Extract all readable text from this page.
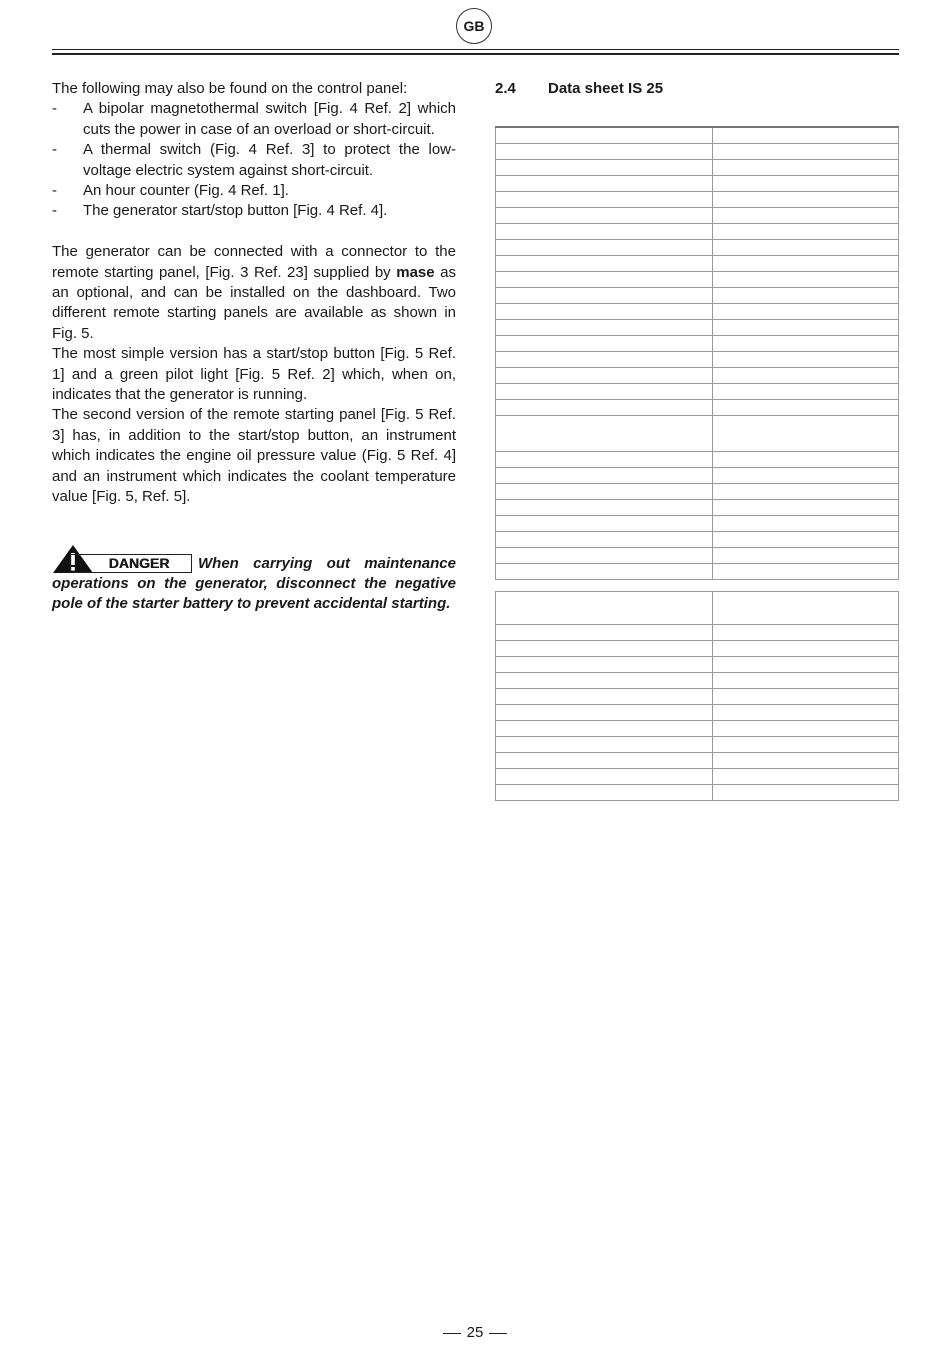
GB

The following may also be found on the control panel:

- A bipolar magnetothermal switch [Fig. 4 Ref. 2] which cuts the power in case of an overload or short-circuit.
- A thermal switch (Fig. 4 Ref. 3] to protect the low-voltage electric system against short-circuit.
- An hour counter (Fig. 4 Ref. 1].
- The generator start/stop button [Fig. 4 Ref. 4].

The generator can be connected with a connector to the remote starting panel, [Fig. 3 Ref. 23] supplied by mase as an optional, and can be installed on the dashboard. Two different remote starting panels are available as shown in Fig. 5.

The most simple version has a start/stop button [Fig. 5 Ref. 1] and a green pilot light [Fig. 5 Ref. 2] which, when on, indicates that the generator is running.

The second version of the remote starting panel [Fig. 5 Ref. 3] has, in addition to the start/stop button, an instrument which indicates the engine oil pressure value (Fig. 5 Ref. 4] and an instrument which indicates the coolant temperature value [Fig. 5, Ref. 5].

DANGER	When carrying out maintenance operations on the generator, disconnect the negative pole of the starter battery to prevent accidental starting.

2.4 Data sheet IS 25

25
